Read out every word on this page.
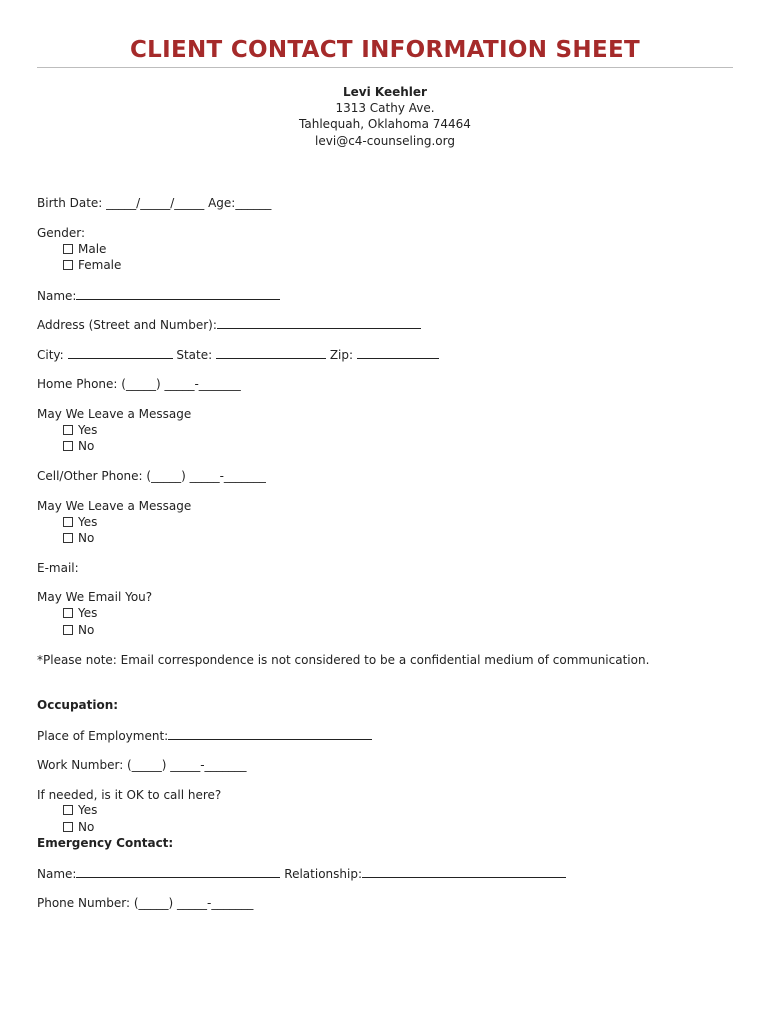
CLIENT CONTACT INFORMATION SHEET
Levi Keehler
1313 Cathy Ave.
Tahlequah, Oklahoma 74464
levi@c4-counseling.org
Birth Date: _____/_____/_____ Age:______
Gender:
Male
Female
Name:
Address (Street and Number):
City:	State:	Zip:
Home Phone: (_____) _____-_______
May We Leave a Message
Yes
No
Cell/Other Phone: (_____) _____-_______
May We Leave a Message
Yes
No
E-mail:
May We Email You?
Yes
No
*Please note: Email correspondence is not considered to be a confidential medium of communication.
Occupation:
Place of Employment:
Work Number: (_____) _____-_______
If needed, is it OK to call here?
Yes
No
Emergency Contact:
Name:	Relationship:
Phone Number: (_____) _____-_______
